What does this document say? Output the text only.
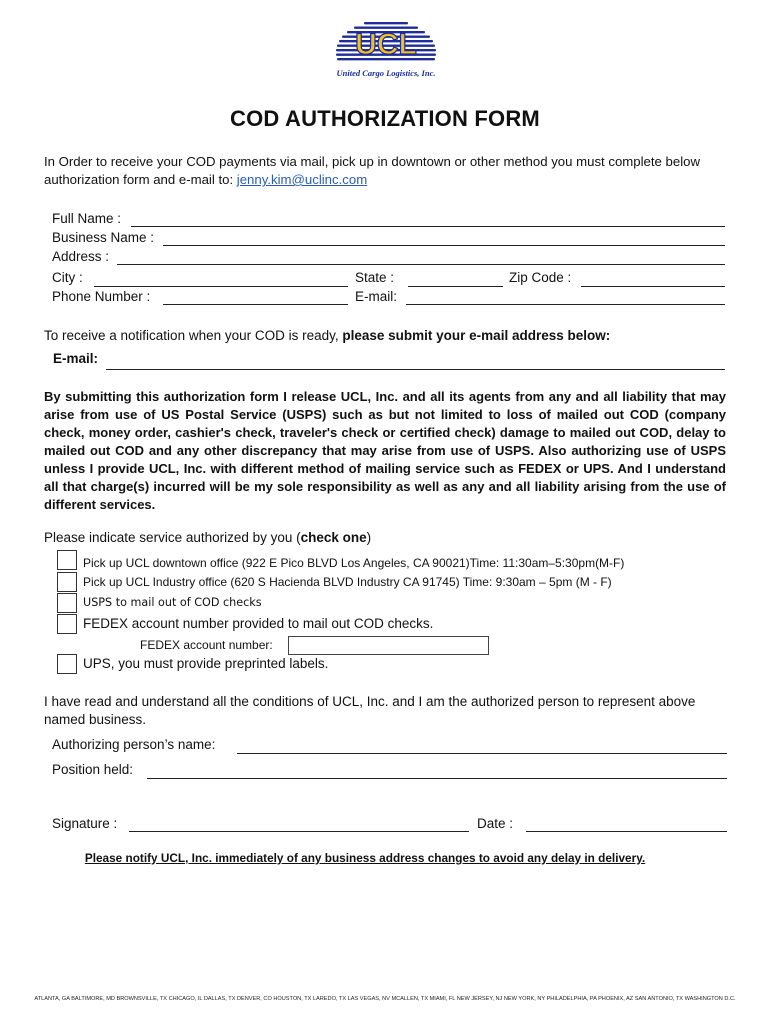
UCL
United Cargo Logistics, Inc.
COD AUTHORIZATION FORM
In Order to receive your COD payments via mail, pick up in downtown or other method you must complete below authorization form and e-mail to: jenny.kim@uclinc.com
Full Name :
Business Name :
Address :
City :	State :	Zip Code :
Phone Number :	E-mail:
To receive a notification when your COD is ready, please submit your e-mail address below:
E-mail:
By submitting this authorization form I release UCL, Inc. and all its agents from any and all liability that may arise from use of US Postal Service (USPS) such as but not limited to loss of mailed out COD (company check, money order, cashier's check, traveler's check or certified check) damage to mailed out COD, delay to mailed out COD and any other discrepancy that may arise from use of USPS. Also authorizing use of USPS unless I provide UCL, Inc. with different method of mailing service such as FEDEX or UPS. And I understand all that charge(s) incurred will be my sole responsibility as well as any and all liability arising from the use of different services.
Please indicate service authorized by you (check one)
Pick up UCL downtown office (922 E Pico BLVD Los Angeles, CA 90021)Time: 11:30am–5:30pm(M-F)
Pick up UCL Industry office (620 S Hacienda BLVD Industry CA 91745) Time: 9:30am – 5pm (M - F)
USPS to mail out of COD checks
FEDEX account number provided to mail out COD checks.
FEDEX account number:
UPS, you must provide preprinted labels.
I have read and understand all the conditions of UCL, Inc. and I am the authorized person to represent above named business.
Authorizing person’s name:
Position held:
Signature :	Date :
Please notify UCL, Inc. immediately of any business address changes to avoid any delay in delivery.
ATLANTA, GA BALTIMORE, MD BROWNSVILLE, TX CHICAGO, IL DALLAS, TX DENVER, CO HOUSTON, TX LAREDO, TX LAS VEGAS, NV MCALLEN, TX MIAMI, FL NEW JERSEY, NJ NEW YORK, NY PHILADELPHIA, PA PHOENIX, AZ SAN ANTONIO, TX WASHINGTON D.C.
